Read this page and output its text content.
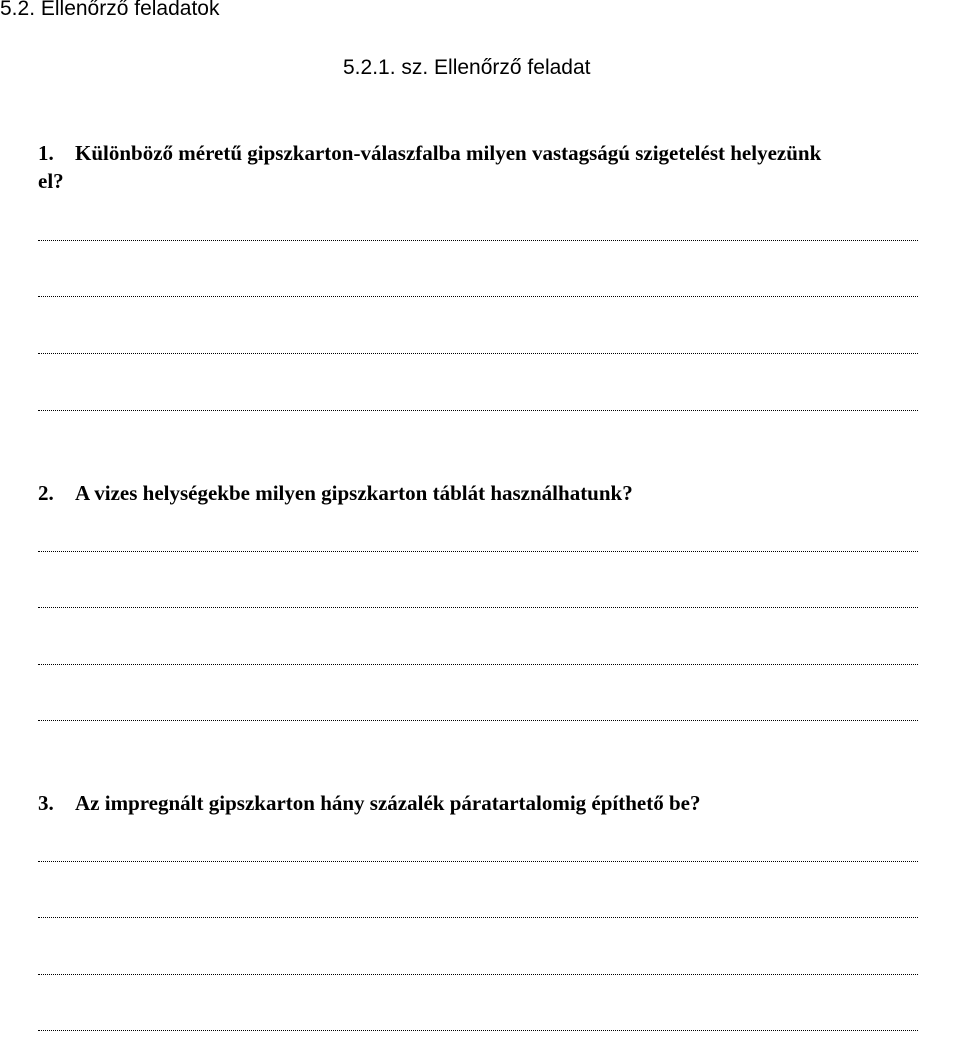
5.2. Ellenőrző feladatok
5.2.1. sz. Ellenőrző feladat
1. Különböző méretű gipszkarton-válaszfalba milyen vastagságú szigetelést helyezünk
el?
2. A vizes helységekbe milyen gipszkarton táblát használhatunk?
3. Az impregnált gipszkarton hány százalék páratartalomig építhető be?
